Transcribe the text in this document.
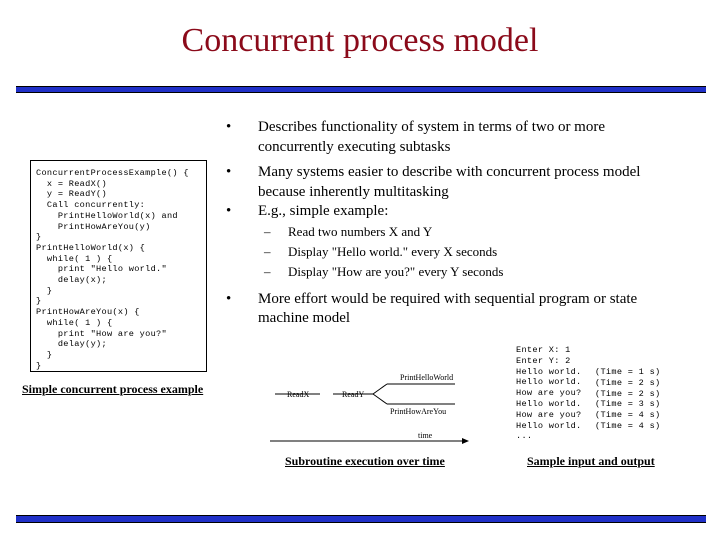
Concurrent process model
ConcurrentProcessExample() {
x = ReadX()
y = ReadY()
Call concurrently:
PrintHelloWorld(x) and
PrintHowAreYou(y)
}
PrintHelloWorld(x) {
while( 1 ) {
print "Hello world."
delay(x);
}
}
PrintHowAreYou(x) {
while( 1 ) {
print "How are you?"
delay(y);
}
}
Simple concurrent process example
• Describes functionality of system in terms of two or more concurrently executing subtasks
• Many systems easier to describe with concurrent process model because inherently multitasking
• E.g., simple example:
– Read two numbers X and Y
– Display "Hello world." every X seconds
– Display "How are you?" every Y seconds
• More effort would be required with sequential program or state machine model
ReadX	ReadY
PrintHelloWorld
PrintHowAreYou
time
Subroutine execution over time
Enter X: 1
Enter Y: 2
Hello world.
Hello world.
How are you?
Hello world.
How are you?
Hello world.
...
(Time = 1 s)
(Time = 2 s)
(Time = 2 s)
(Time = 3 s)
(Time = 4 s)
(Time = 4 s)
Sample input and output
